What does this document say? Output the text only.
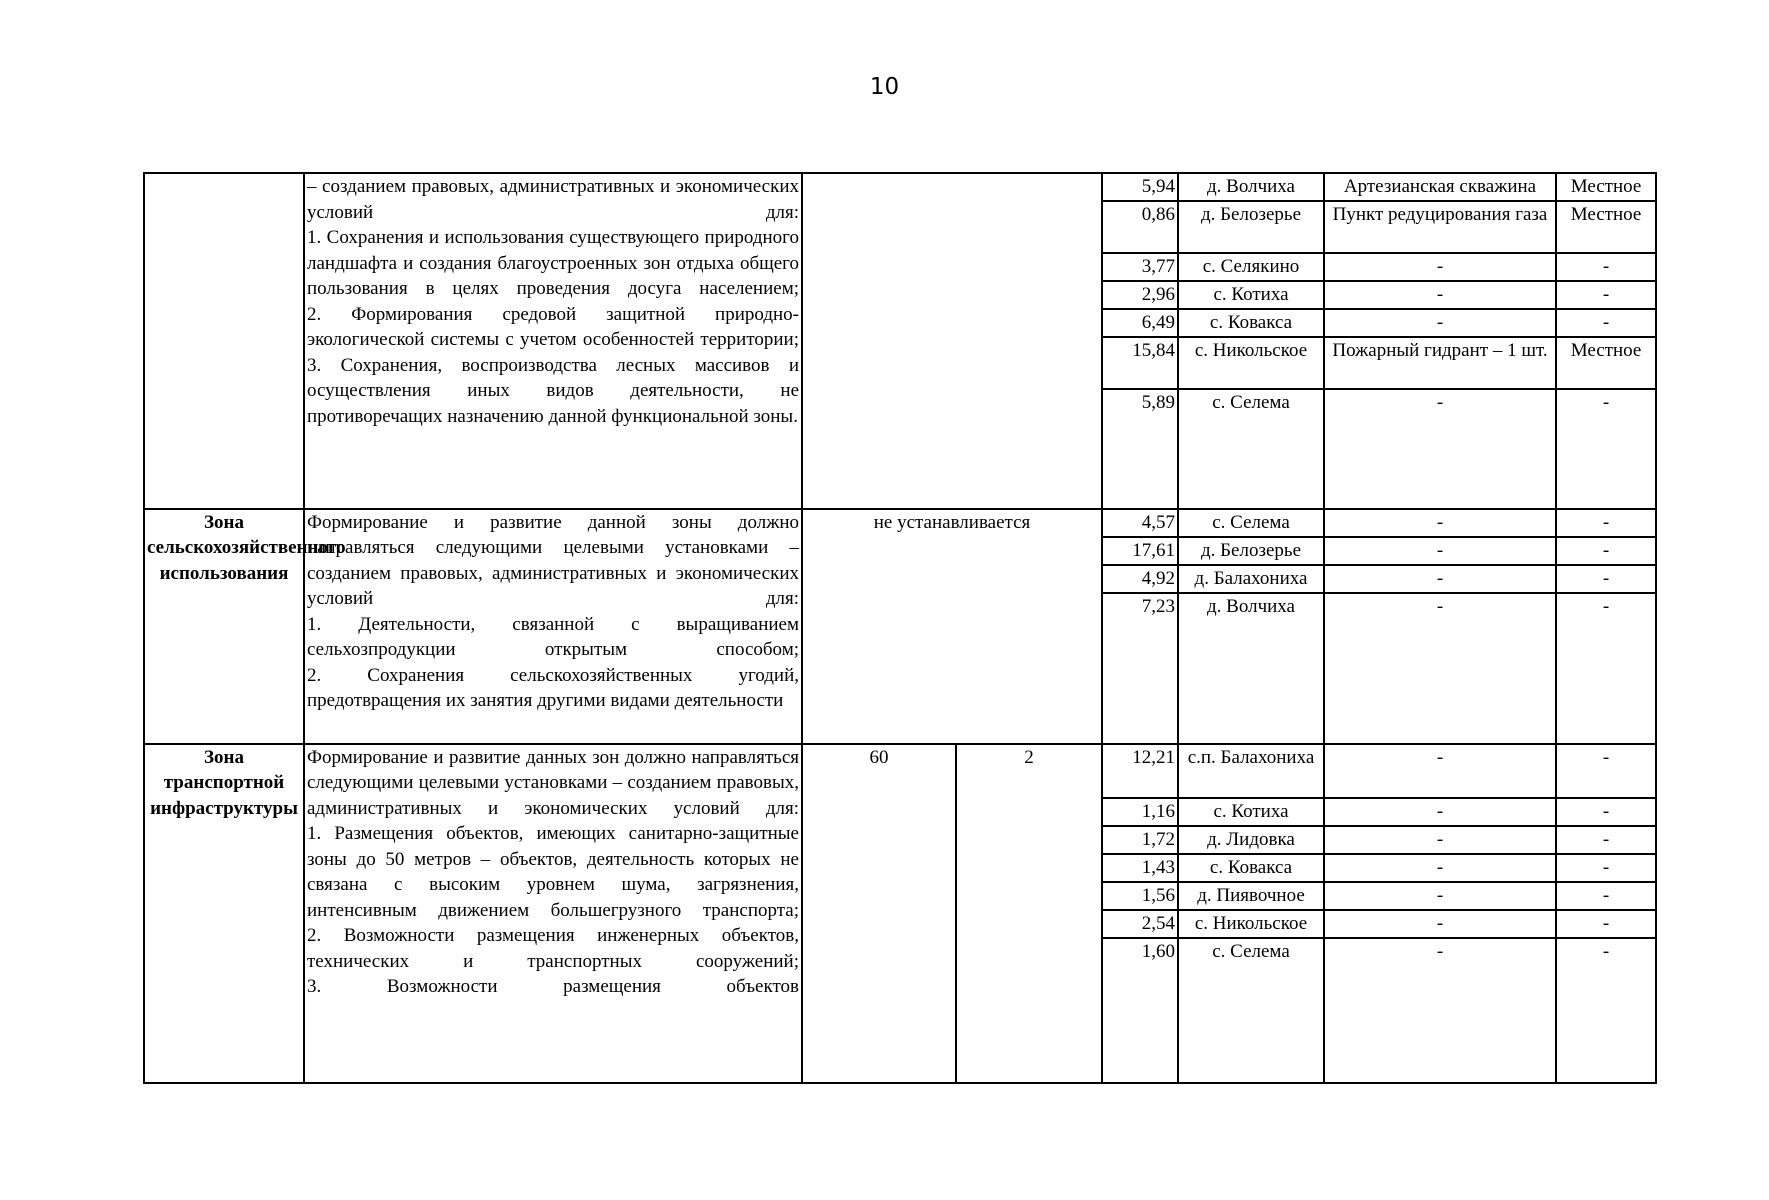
10

	– созданием правовых, административных и экономических условий для:
1. Сохранения и использования существующего природного ландшафта и создания благоустроенных зон отдыха общего пользования в целях проведения досуга населением;
2. Формирования средовой защитной природно-экологической системы с учетом особенностей территории;
3. Сохранения, воспроизводства лесных массивов и осуществления иных видов деятельности, не противоречащих назначению данной функциональной зоны.			5,94	д. Волчиха	Артезианская скважина	Местное
				0,86	д. Белозерье	Пункт редуцирования газа	Местное
				3,77	с. Селякино	-	-
				2,96	с. Котиха	-	-
				6,49	с. Ковакса	-	-
				15,84	с. Никольское	Пожарный гидрант – 1 шт.	Местное
				5,89	с. Селема	-	-
Зона сельскохозяйственного использования	Формирование и развитие данной зоны должно направляться следующими целевыми установками – созданием правовых, административных и экономических условий для:
1. Деятельности, связанной с выращиванием сельхозпродукции открытым способом;
2. Сохранения сельскохозяйственных угодий, предотвращения их занятия другими видами деятельности	не устанавливается		4,57	с. Селема	-	-
				17,61	д. Белозерье	-	-
				4,92	д. Балахониха	-	-
				7,23	д. Волчиха	-	-
Зона транспортной инфраструктуры	Формирование и развитие данных зон должно направляться следующими целевыми установками – созданием правовых, административных и экономических условий для:
1. Размещения объектов, имеющих санитарно-защитные зоны до 50 метров – объектов, деятельность которых не связана с высоким уровнем шума, загрязнения, интенсивным движением большегрузного транспорта;
2. Возможности размещения инженерных объектов, технических и транспортных сооружений;
3. Возможности размещения объектов	60	2	12,21	с.п. Балахониха	-	-
				1,16	с. Котиха	-	-
				1,72	д. Лидовка	-	-
				1,43	с. Ковакса	-	-
				1,56	д. Пиявочное	-	-
				2,54	с. Никольское	-	-
				1,60	с. Селема	-	-
